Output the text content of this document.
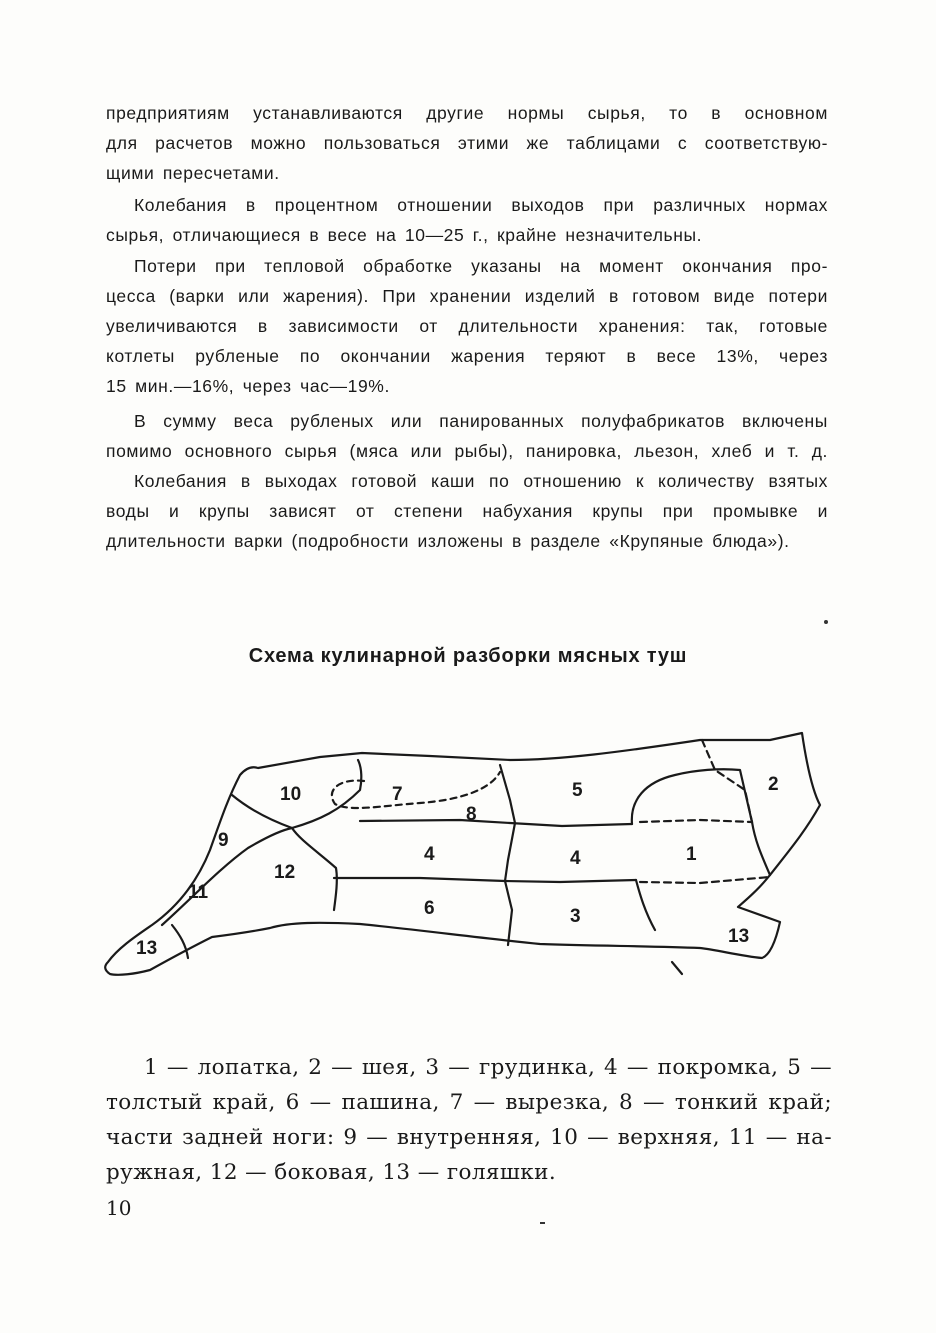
предприятиям устанавливаются другие нормы сырья, то в основном
для расчетов можно пользоваться этими же таблицами с соответствую-
щими пересчетами.
Колебания в процентном отношении выходов при различных нормах
сырья, отличающиеся в весе на 10—25 г., крайне незначительны.
Потери при тепловой обработке указаны на момент окончания про-
цесса (варки или жарения). При хранении изделий в готовом виде потери
увеличиваются в зависимости от длительности хранения: так, готовые
котлеты рубленые по окончании жарения теряют в весе 13%, через
15 мин.—16%, через час—19%.
В сумму веса рубленых или панированных полуфабрикатов включены
помимо основного сырья (мяса или рыбы), панировка, льезон, хлеб и т. д.
Колебания в выходах готовой каши по отношению к количеству взятых
воды и крупы зависят от степени набухания крупы при промывке и
длительности варки (подробности изложены в разделе «Крупяные блюда»).
Схема кулинарной разборки мясных туш
10	7
8
5	2
9
4	4	1
12
11
6	3
13
13
1 — лопатка, 2 — шея, 3 — грудинка, 4 — покромка, 5 —
толстый край, 6 — пашина, 7 — вырезка, 8 — тонкий край;
части задней ноги: 9 — внутренняя, 10 — верхняя, 11 — на-
ружная, 12 — боковая, 13 — голяшки.
10
